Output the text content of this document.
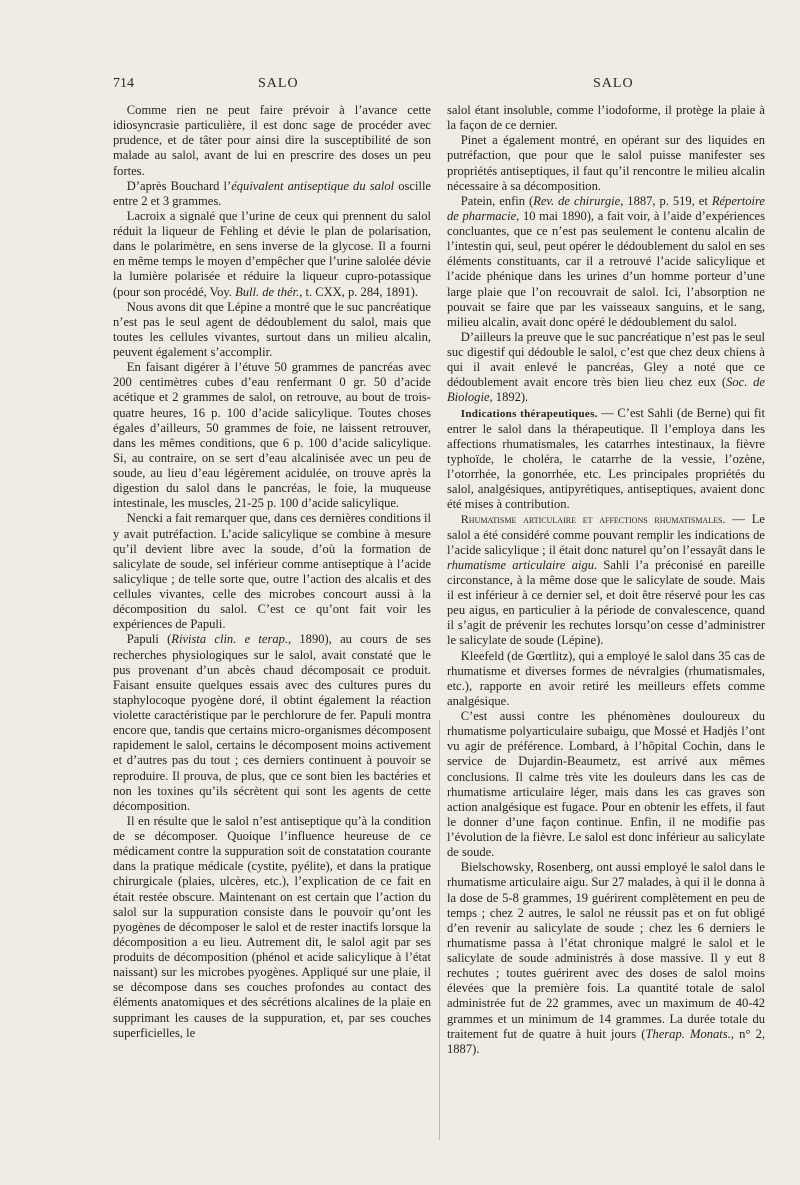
714	SALO	SALO

Comme rien ne peut faire prévoir à l’avance cette idiosyncrasie particulière, il est donc sage de procéder avec prudence, et de tâter pour ainsi dire la susceptibilité de son malade au salol, avant de lui en prescrire des doses un peu fortes.

D’après Bouchard l’équivalent antiseptique du salol oscille entre 2 et 3 grammes.

Lacroix a signalé que l’urine de ceux qui prennent du salol réduit la liqueur de Fehling et dévie le plan de polarisation, dans le polarimètre, en sens inverse de la glycose. Il a fourni en même temps le moyen d’empêcher que l’urine salolée dévie la lumière polarisée et réduire la liqueur cupro-potassique (pour son procédé, Voy. Bull. de thér., t. CXX, p. 284, 1891).

Nous avons dit que Lépine a montré que le suc pancréatique n’est pas le seul agent de dédoublement du salol, mais que toutes les cellules vivantes, surtout dans un milieu alcalin, peuvent également s’accomplir.

En faisant digérer à l’étuve 50 grammes de pancréas avec 200 centimètres cubes d’eau renfermant 0 gr. 50 d’acide acétique et 2 grammes de salol, on retrouve, au bout de trois-quatre heures, 16 p. 100 d’acide salicylique. Toutes choses égales d’ailleurs, 50 grammes de foie, ne laissent retrouver, dans les mêmes conditions, que 6 p. 100 d’acide salicylique. Si, au contraire, on se sert d’eau alcalinisée avec un peu de soude, au lieu d’eau légèrement acidulée, on trouve après la digestion du salol dans le pancréas, le foie, la muqueuse intestinale, les muscles, 21-25 p. 100 d’acide salicylique.

Nencki a fait remarquer que, dans ces dernières conditions il y avait putréfaction. L’acide salicylique se combine à mesure qu’il devient libre avec la soude, d’où la formation de salicylate de soude, sel inférieur comme antiseptique à l’acide salicylique ; de telle sorte que, outre l’action des alcalis et des cellules vivantes, celle des microbes concourt aussi à la décomposition du salol. C’est ce qu’ont fait voir les expériences de Papuli.

Papuli (Rivista clin. e terap., 1890), au cours de ses recherches physiologiques sur le salol, avait constaté que le pus provenant d’un abcès chaud décomposait ce produit. Faisant ensuite quelques essais avec des cultures pures du staphylocoque pyogène doré, il obtint également la réaction violette caractéristique par le perchlorure de fer. Papuli montra encore que, tandis que certains micro-organismes décomposent rapidement le salol, certains le décomposent moins activement et d’autres pas du tout ; ces derniers continuent à pouvoir se reproduire. Il prouva, de plus, que ce sont bien les bactéries et non les toxines qu’ils sécrètent qui sont les agents de cette décomposition.

Il en résulte que le salol n’est antiseptique qu’à la condition de se décomposer. Quoique l’influence heureuse de ce médicament contre la suppuration soit de constatation courante dans la pratique médicale (cystite, pyélite), et dans la pratique chirurgicale (plaies, ulcères, etc.), l’explication de ce fait en était restée obscure. Maintenant on est certain que l’action du salol sur la suppuration consiste dans le pouvoir qu’ont les pyogènes de décomposer le salol et de rester inactifs lorsque la décomposition a eu lieu. Autrement dit, le salol agit par ses produits de décomposition (phénol et acide salicylique à l’état naissant) sur les microbes pyogènes. Appliqué sur une plaie, il se décompose dans ses couches profondes au contact des éléments anatomiques et des sécrétions alcalines de la plaie en supprimant les causes de la suppuration, et, par ses couches superficielles, le

salol étant insoluble, comme l’iodoforme, il protège la plaie à la façon de ce dernier.

Pinet a également montré, en opérant sur des liquides en putréfaction, que pour que le salol puisse manifester ses propriétés antiseptiques, il faut qu’il rencontre le milieu alcalin nécessaire à sa décomposition.

Patein, enfin (Rev. de chirurgie, 1887, p. 519, et Répertoire de pharmacie, 10 mai 1890), a fait voir, à l’aide d’expériences concluantes, que ce n’est pas seulement le contenu alcalin de l’intestin qui, seul, peut opérer le dédoublement du salol en ses éléments constituants, car il a retrouvé l’acide salicylique et l’acide phénique dans les urines d’un homme porteur d’une large plaie que l’on recouvrait de salol. Ici, l’absorption ne pouvait se faire que par les vaisseaux sanguins, et le sang, milieu alcalin, avait donc opéré le dédoublement du salol.

D’ailleurs la preuve que le suc pancréatique n’est pas le seul suc digestif qui dédouble le salol, c’est que chez deux chiens à qui il avait enlevé le pancréas, Gley a noté que ce dédoublement avait encore très bien lieu chez eux (Soc. de Biologie, 1892).

Indications thérapeutiques. — C’est Sahli (de Berne) qui fit entrer le salol dans la thérapeutique. Il l’employa dans les affections rhumatismales, les catarrhes intestinaux, la fièvre typhoïde, le choléra, le catarrhe de la vessie, l’ozène, l’otorrhée, la gonorrhée, etc. Les principales propriétés du salol, analgésiques, antipyrétiques, antiseptiques, avaient donc été mises à contribution.

Rhumatisme articulaire et affections rhumatismales. — Le salol a été considéré comme pouvant remplir les indications de l’acide salicylique ; il était donc naturel qu’on l’essayât dans le rhumatisme articulaire aigu. Sahli l’a préconisé en pareille circonstance, à la même dose que le salicylate de soude. Mais il est inférieur à ce dernier sel, et doit être réservé pour les cas peu aigus, en particulier à la période de convalescence, quand il s’agit de prévenir les rechutes lorsqu’on cesse d’administrer le salicylate de soude (Lépine).

Kleefeld (de Gœrtlitz), qui a employé le salol dans 35 cas de rhumatisme et diverses formes de névralgies (rhumatismales, etc.), rapporte en avoir retiré les meilleurs effets comme analgésique.

C’est aussi contre les phénomènes douloureux du rhumatisme polyarticulaire subaigu, que Mossé et Hadjès l’ont vu agir de préférence. Lombard, à l’hôpital Cochin, dans le service de Dujardin-Beaumetz, est arrivé aux mêmes conclusions. Il calme très vite les douleurs dans les cas de rhumatisme articulaire léger, mais dans les cas graves son action analgésique est fugace. Pour en obtenir les effets, il faut le donner d’une façon continue. Enfin, il ne modifie pas l’évolution de la fièvre. Le salol est donc inférieur au salicylate de soude.

Bielschowsky, Rosenberg, ont aussi employé le salol dans le rhumatisme articulaire aigu. Sur 27 malades, à qui il le donna à la dose de 5-8 grammes, 19 guérirent complètement en peu de temps ; chez 2 autres, le salol ne réussit pas et on fut obligé d’en revenir au salicylate de soude ; chez les 6 derniers le rhumatisme passa à l’état chronique malgré le salol et le salicylate de soude administrés à dose massive. Il y eut 8 rechutes ; toutes guérirent avec des doses de salol moins élevées que la première fois. La quantité totale de salol administrée fut de 22 grammes, avec un maximum de 40-42 grammes et un minimum de 14 grammes. La durée totale du traitement fut de quatre à huit jours (Therap. Monats., n° 2, 1887).
